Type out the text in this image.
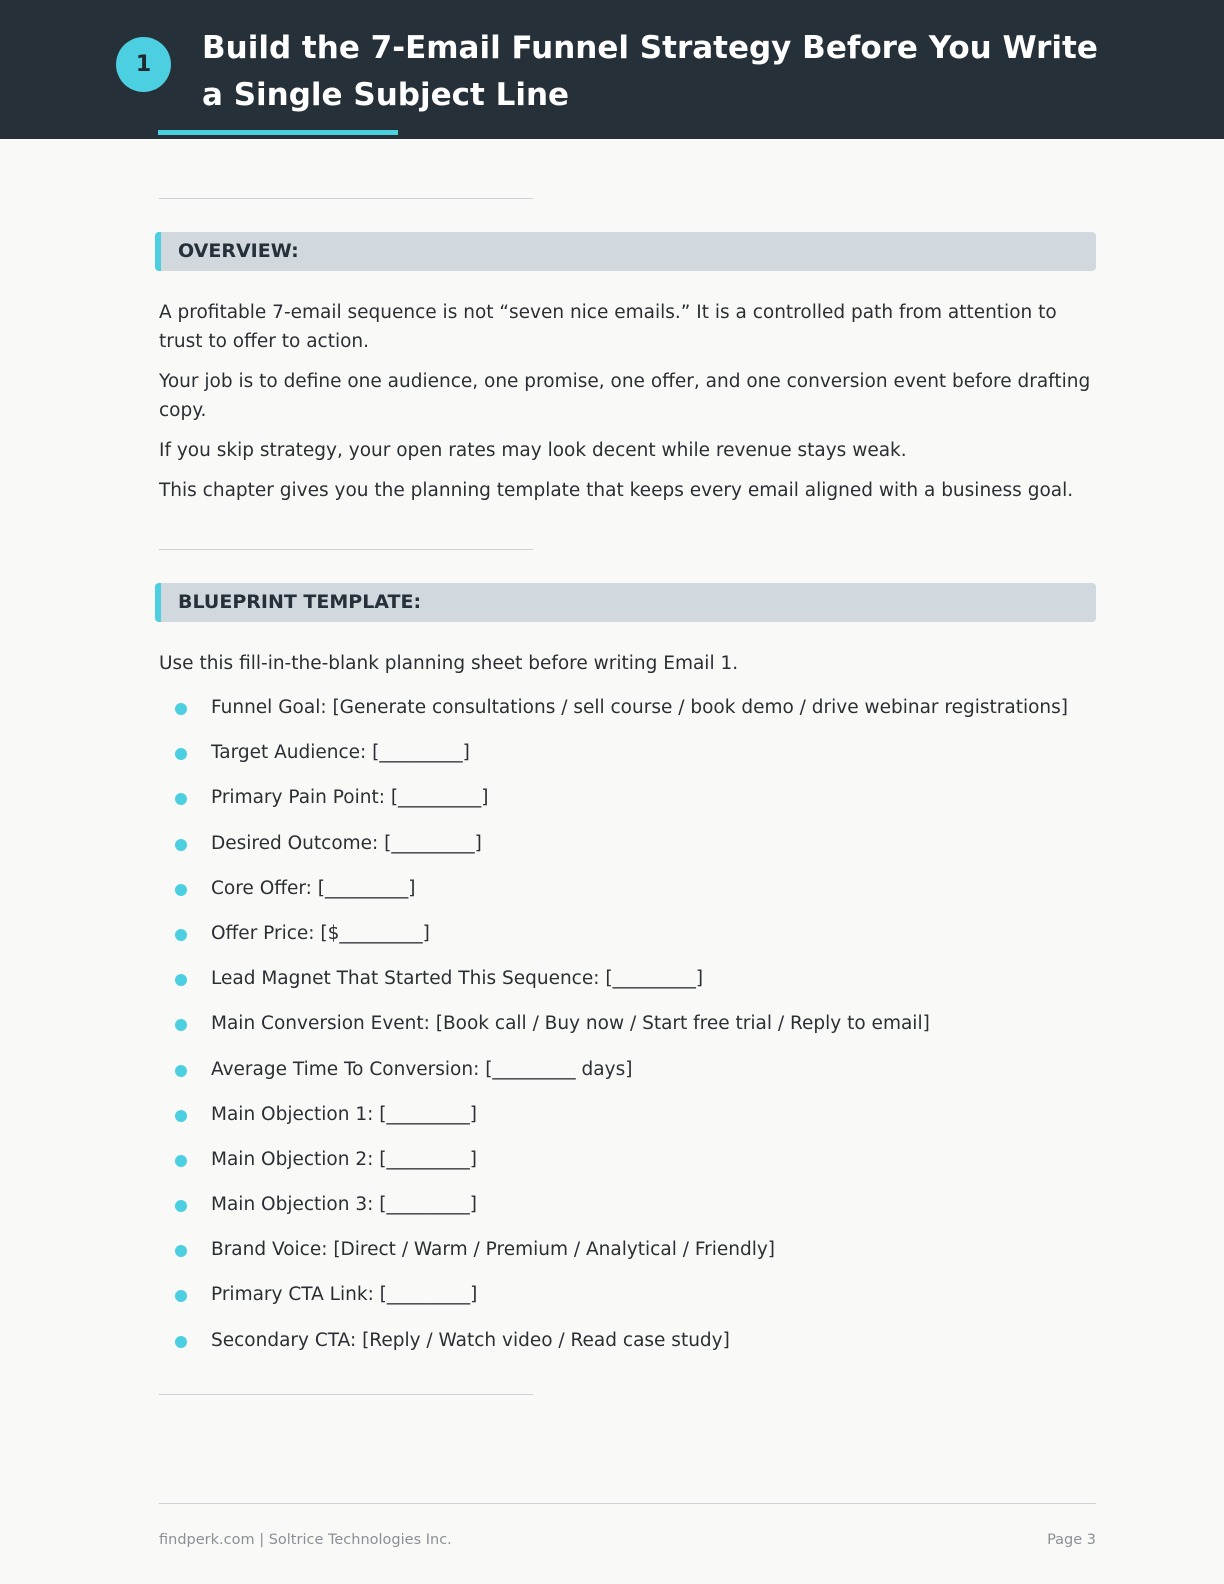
1	Build the 7-Email Funnel Strategy Before You Write a Single Subject Line
OVERVIEW:

A profitable 7-email sequence is not “seven nice emails.” It is a controlled path from attention to trust to offer to action.

Your job is to define one audience, one promise, one offer, and one conversion event before drafting copy.

If you skip strategy, your open rates may look decent while revenue stays weak.

This chapter gives you the planning template that keeps every email aligned with a business goal.

BLUEPRINT TEMPLATE:

Use this fill-in-the-blank planning sheet before writing Email 1.

Funnel Goal: [Generate consultations / sell course / book demo / drive webinar registrations]
Target Audience: [_________]
Primary Pain Point: [_________]
Desired Outcome: [_________]
Core Offer: [_________]
Offer Price: [$_________]
Lead Magnet That Started This Sequence: [_________]
Main Conversion Event: [Book call / Buy now / Start free trial / Reply to email]
Average Time To Conversion: [_________ days]
Main Objection 1: [_________]
Main Objection 2: [_________]
Main Objection 3: [_________]
Brand Voice: [Direct / Warm / Premium / Analytical / Friendly]
Primary CTA Link: [_________]
Secondary CTA: [Reply / Watch video / Read case study]
findperk.com | Soltrice Technologies Inc.	Page 3
